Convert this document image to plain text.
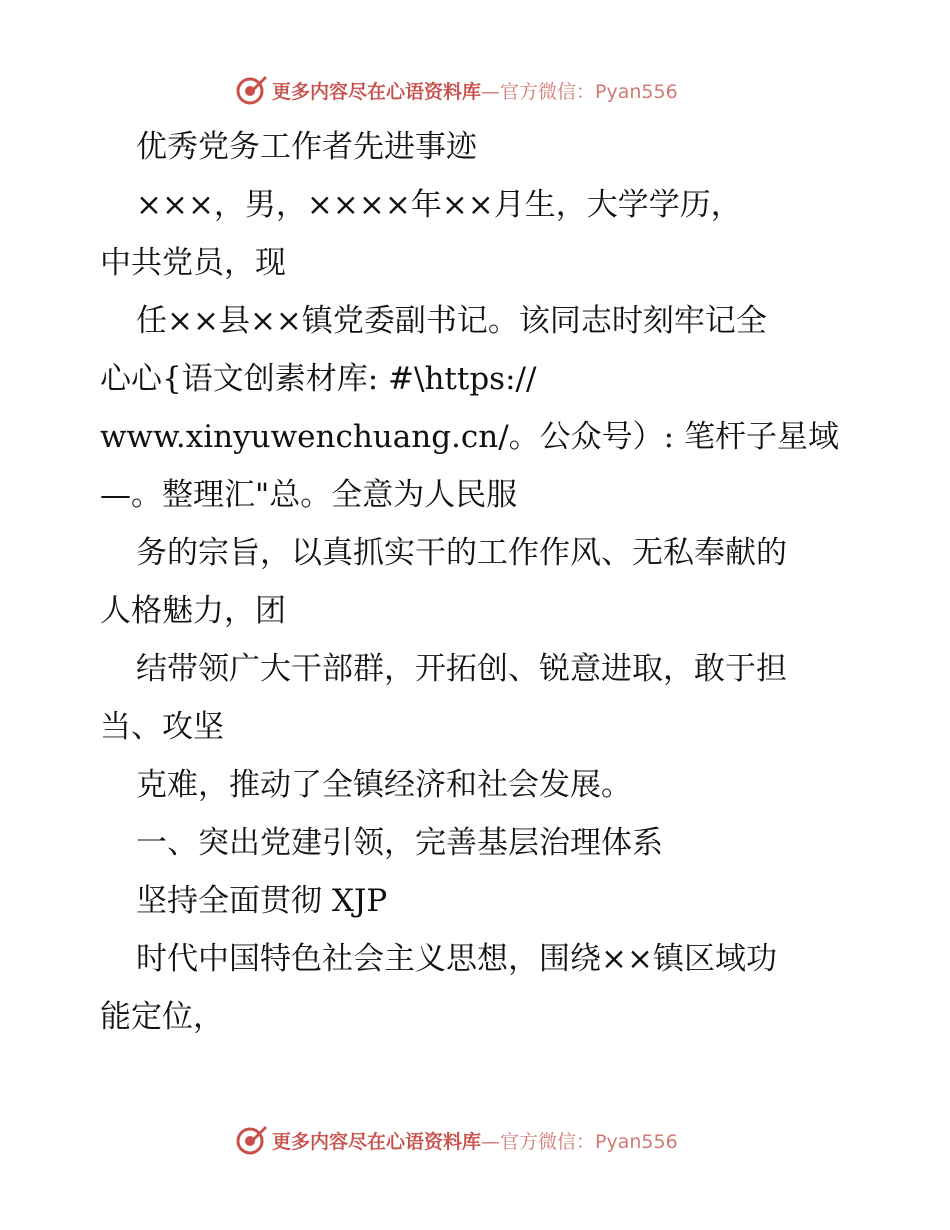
更多内容尽在心语资料库 —官方微信：Pyan556

优秀党务工作者先进事迹

×××，男，××××年××月生，大学学历，

中共党员，现

任××县××镇党委副书记。该同志时刻牢记全

心心{语文创素材库: #\https://

www.xinyuwenchuang.cn/。公众号）: 笔杆子星域

—。整理汇"总。全意为人民服

务的宗旨，以真抓实干的工作作风、无私奉献的

人格魅力，团

结带领广大干部群，开拓创、锐意进取，敢于担

当、攻坚

克难，推动了全镇经济和社会发展。

一、突出党建引领，完善基层治理体系

坚持全面贯彻 XJP

时代中国特色社会主义思想，围绕××镇区域功

能定位，

更多内容尽在心语资料库 —官方微信：Pyan556
